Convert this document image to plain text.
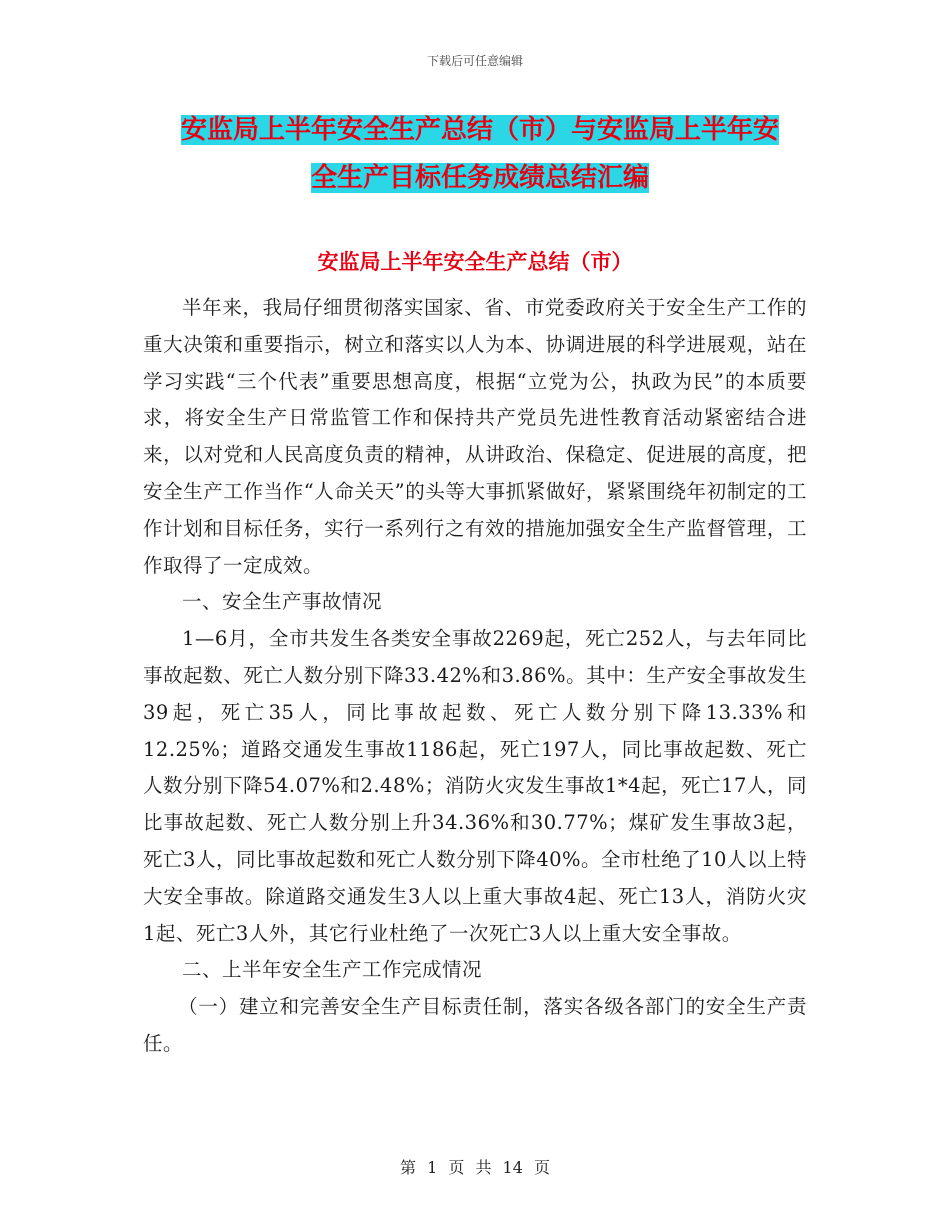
下载后可任意编辑
安监局上半年安全生产总结（市）与安监局上半年安
全生产目标任务成绩总结汇编
安监局上半年安全生产总结（市）

半年来，我局仔细贯彻落实国家、省、市党委政府关于安全生产工作的重大决策和重要指示，树立和落实以人为本、协调进展的科学进展观，站在学习实践“三个代表”重要思想高度，根据“立党为公，执政为民”的本质要求，将安全生产日常监管工作和保持共产党员先进性教育活动紧密结合进来，以对党和人民高度负责的精神，从讲政治、保稳定、促进展的高度，把安全生产工作当作“人命关天”的头等大事抓紧做好，紧紧围绕年初制定的工作计划和目标任务，实行一系列行之有效的措施加强安全生产监督管理，工作取得了一定成效。

一、安全生产事故情况

1—6月，全市共发生各类安全事故2269起，死亡252人，与去年同比事故起数、死亡人数分别下降33.42%和3.86%。其中：生产安全事故发生39起，死亡35人，同比事故起数、死亡人数分别下降13.33%和12.25%；道路交通发生事故1186起，死亡197人，同比事故起数、死亡人数分别下降54.07%和2.48%；消防火灾发生事故1*4起，死亡17人，同比事故起数、死亡人数分别上升34.36%和30.77%；煤矿发生事故3起，死亡3人，同比事故起数和死亡人数分别下降40%。全市杜绝了10人以上特大安全事故。除道路交通发生3人以上重大事故4起、死亡13人，消防火灾1起、死亡3人外，其它行业杜绝了一次死亡3人以上重大安全事故。

二、上半年安全生产工作完成情况

（一）建立和完善安全生产目标责任制，落实各级各部门的安全生产责任。

第 1 页 共 14 页
